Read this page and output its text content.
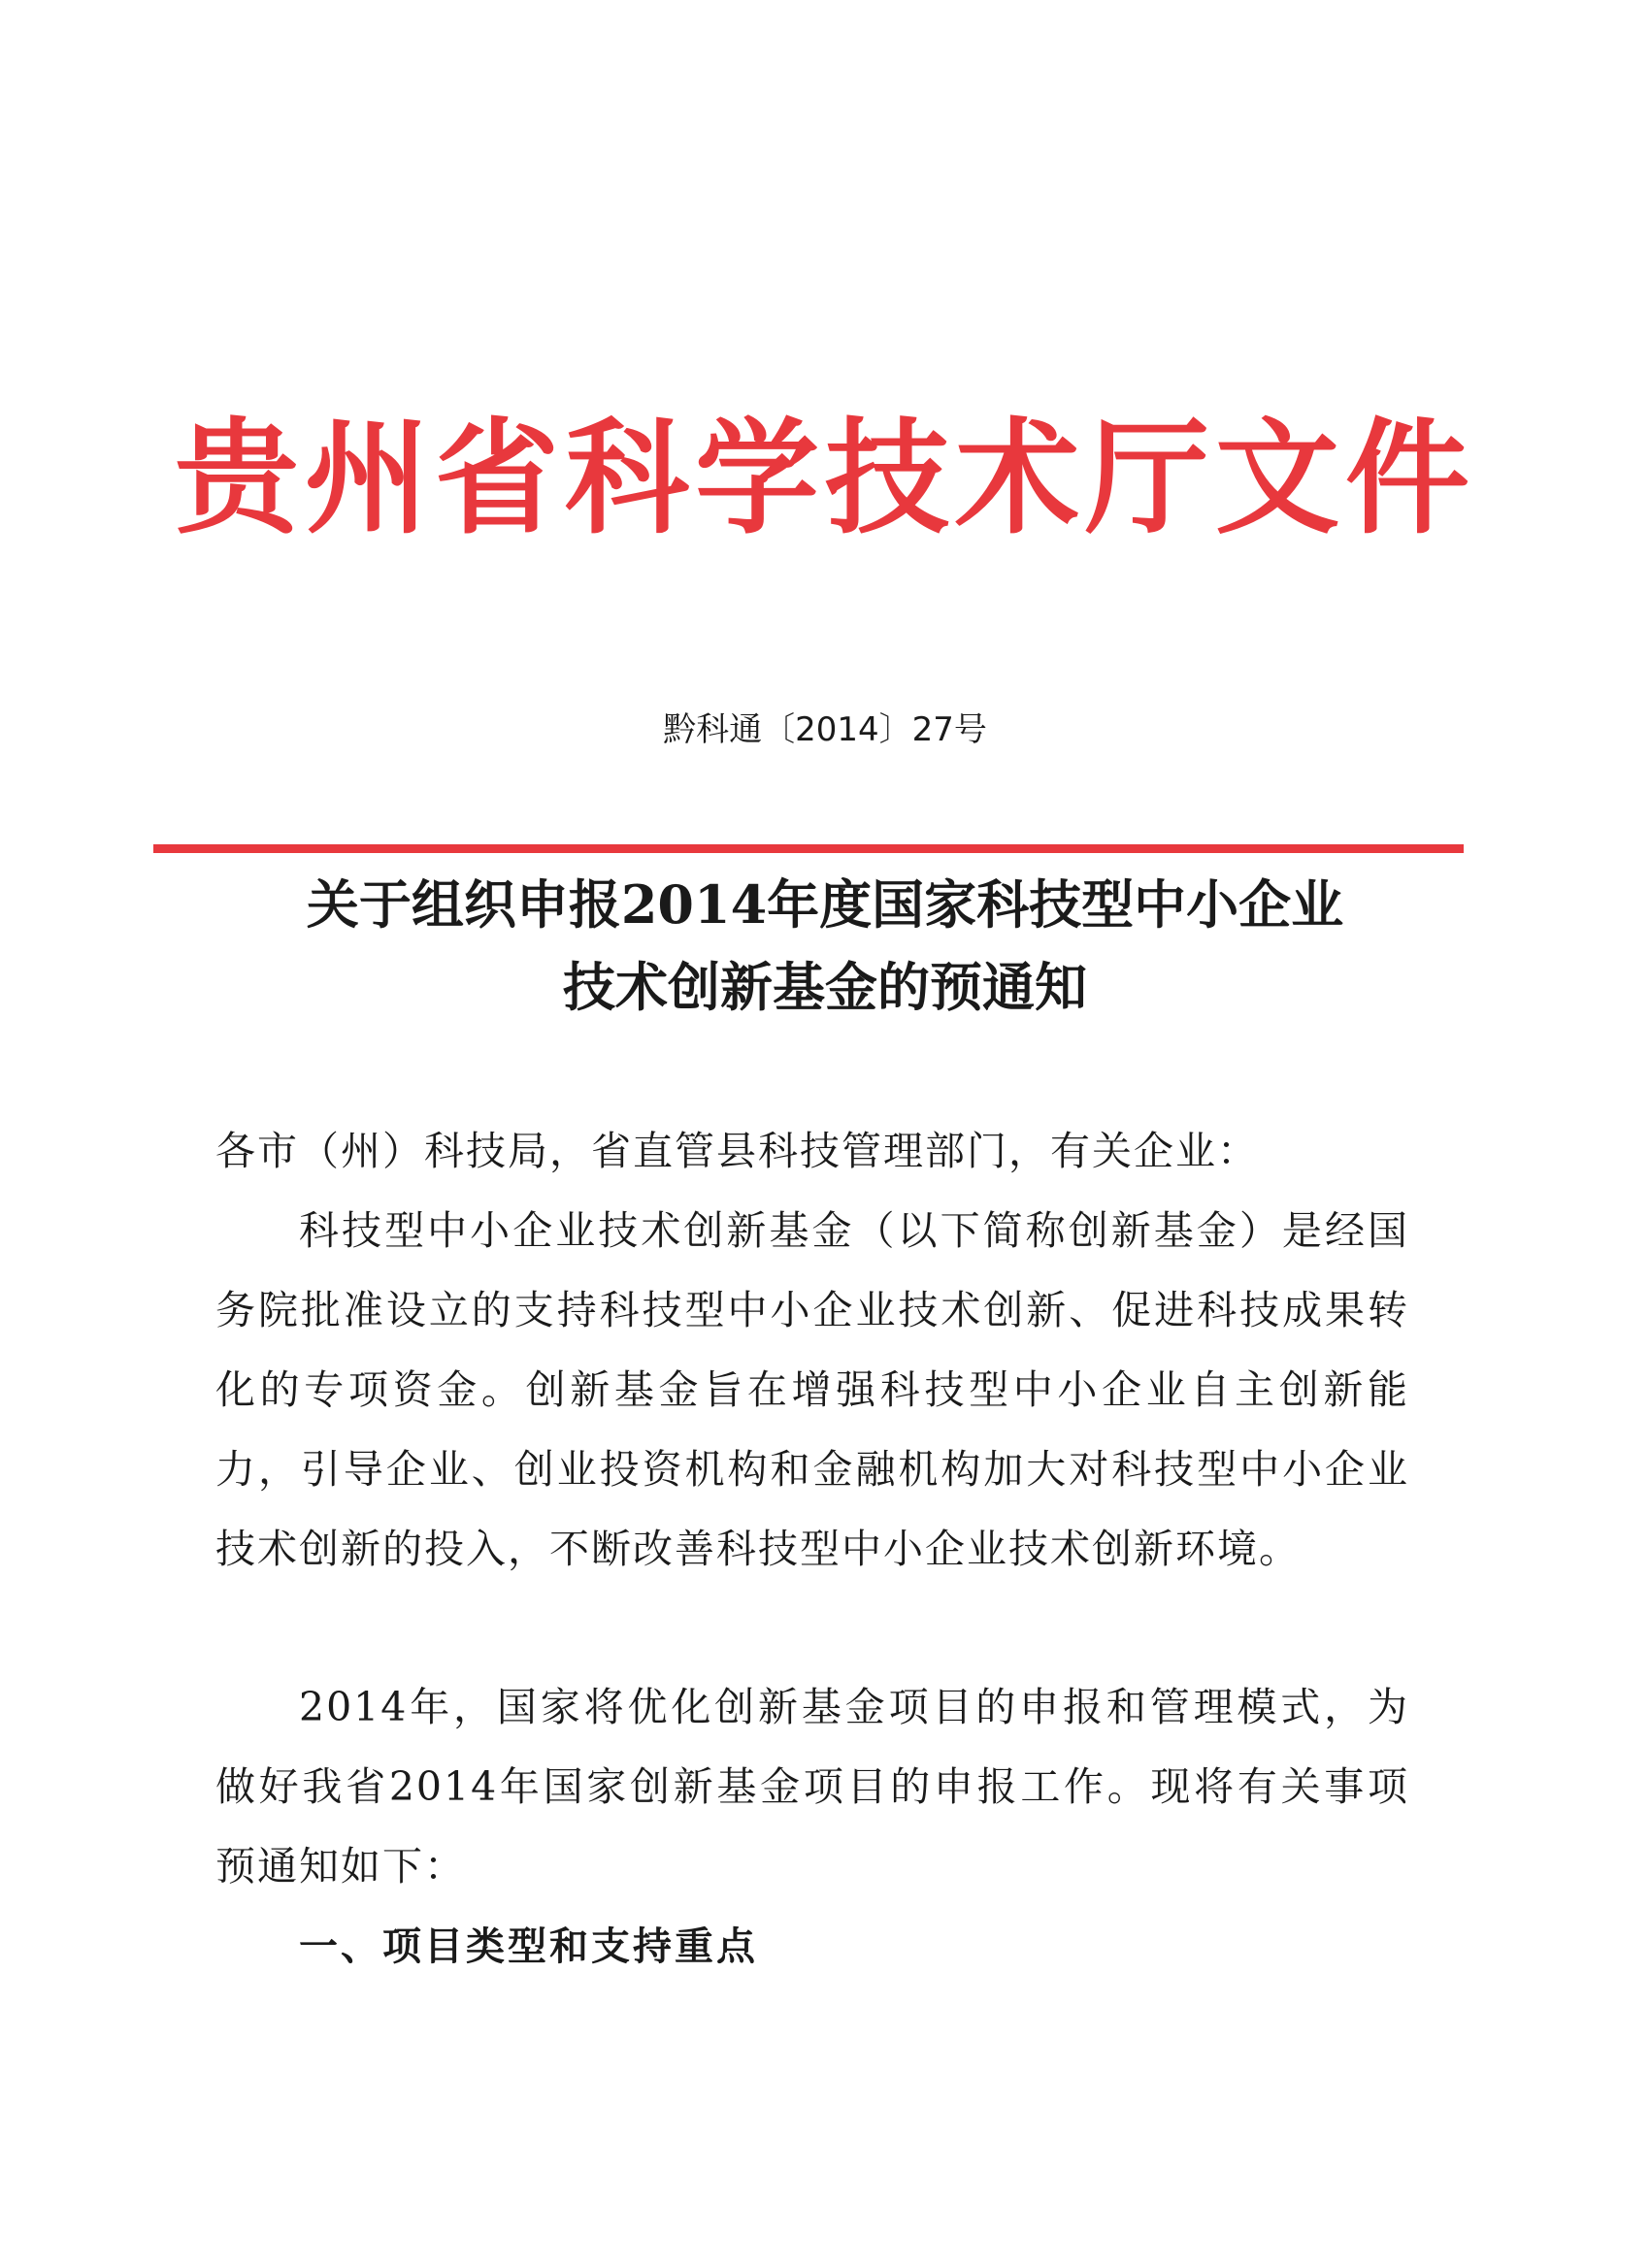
贵州省科学技术厅文件
黔科通〔2014〕27号
关于组织申报2014年度国家科技型中小企业
技术创新基金的预通知

各市（州）科技局，省直管县科技管理部门，有关企业：

科技型中小企业技术创新基金（以下简称创新基金）是经国务院批准设立的支持科技型中小企业技术创新、促进科技成果转化的专项资金。创新基金旨在增强科技型中小企业自主创新能力，引导企业、创业投资机构和金融机构加大对科技型中小企业技术创新的投入，不断改善科技型中小企业技术创新环境。

2014年，国家将优化创新基金项目的申报和管理模式，为做好我省2014年国家创新基金项目的申报工作。现将有关事项预通知如下：

一、项目类型和支持重点
